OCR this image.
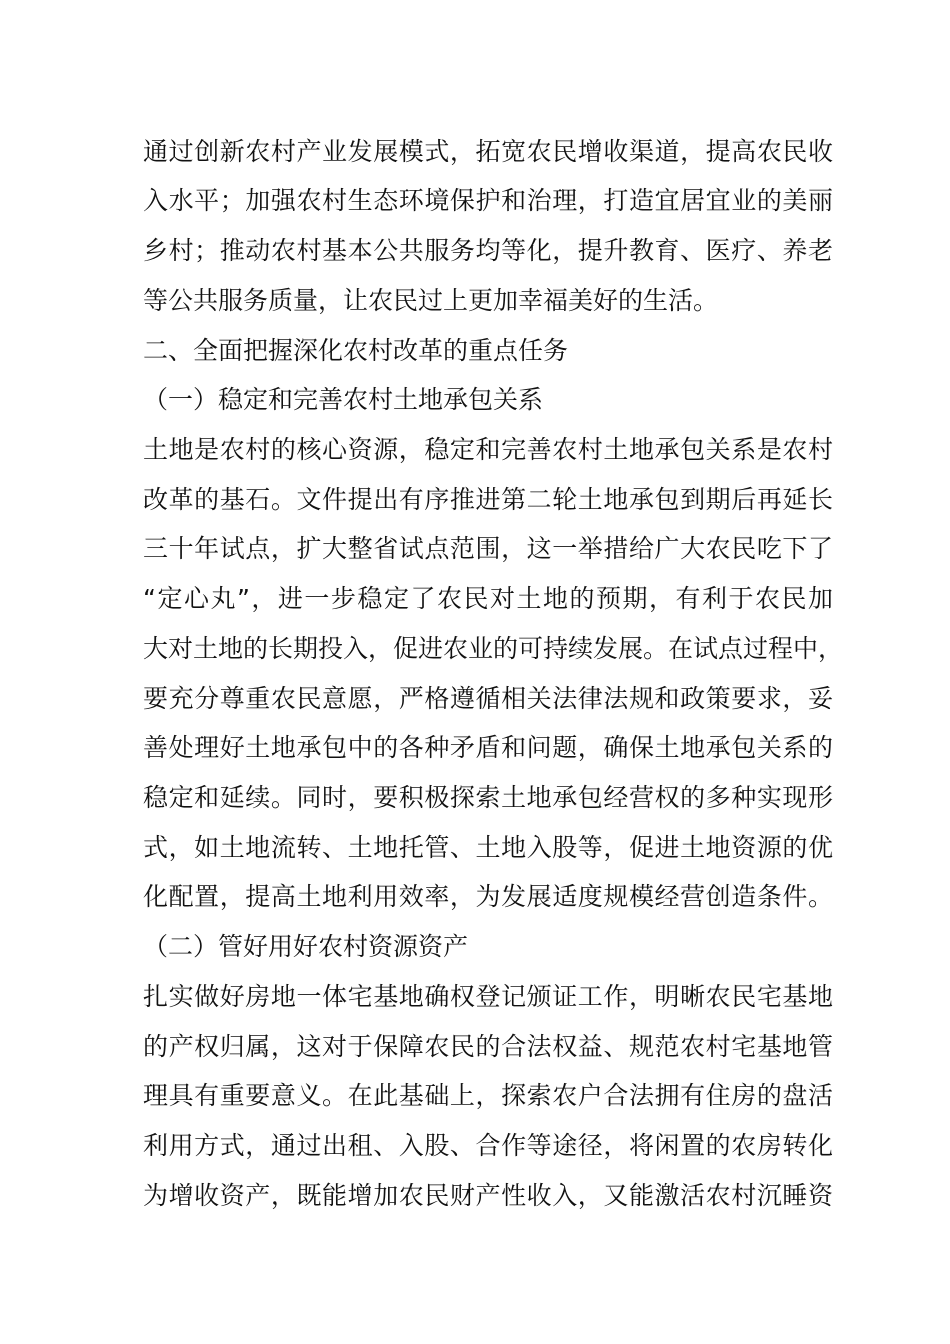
通过创新农村产业发展模式，拓宽农民增收渠道，提高农民收
入水平；加强农村生态环境保护和治理，打造宜居宜业的美丽
乡村；推动农村基本公共服务均等化，提升教育、医疗、养老
等公共服务质量，让农民过上更加幸福美好的生活。
二、全面把握深化农村改革的重点任务
（一）稳定和完善农村土地承包关系
土地是农村的核心资源，稳定和完善农村土地承包关系是农村
改革的基石。文件提出有序推进第二轮土地承包到期后再延长
三十年试点，扩大整省试点范围，这一举措给广大农民吃下了
“定心丸”，进一步稳定了农民对土地的预期，有利于农民加
大对土地的长期投入，促进农业的可持续发展。在试点过程中，
要充分尊重农民意愿，严格遵循相关法律法规和政策要求，妥
善处理好土地承包中的各种矛盾和问题，确保土地承包关系的
稳定和延续。同时，要积极探索土地承包经营权的多种实现形
式，如土地流转、土地托管、土地入股等，促进土地资源的优
化配置，提高土地利用效率，为发展适度规模经营创造条件。
（二）管好用好农村资源资产
扎实做好房地一体宅基地确权登记颁证工作，明晰农民宅基地
的产权归属，这对于保障农民的合法权益、规范农村宅基地管
理具有重要意义。在此基础上，探索农户合法拥有住房的盘活
利用方式，通过出租、入股、合作等途径，将闲置的农房转化
为增收资产，既能增加农民财产性收入，又能激活农村沉睡资
